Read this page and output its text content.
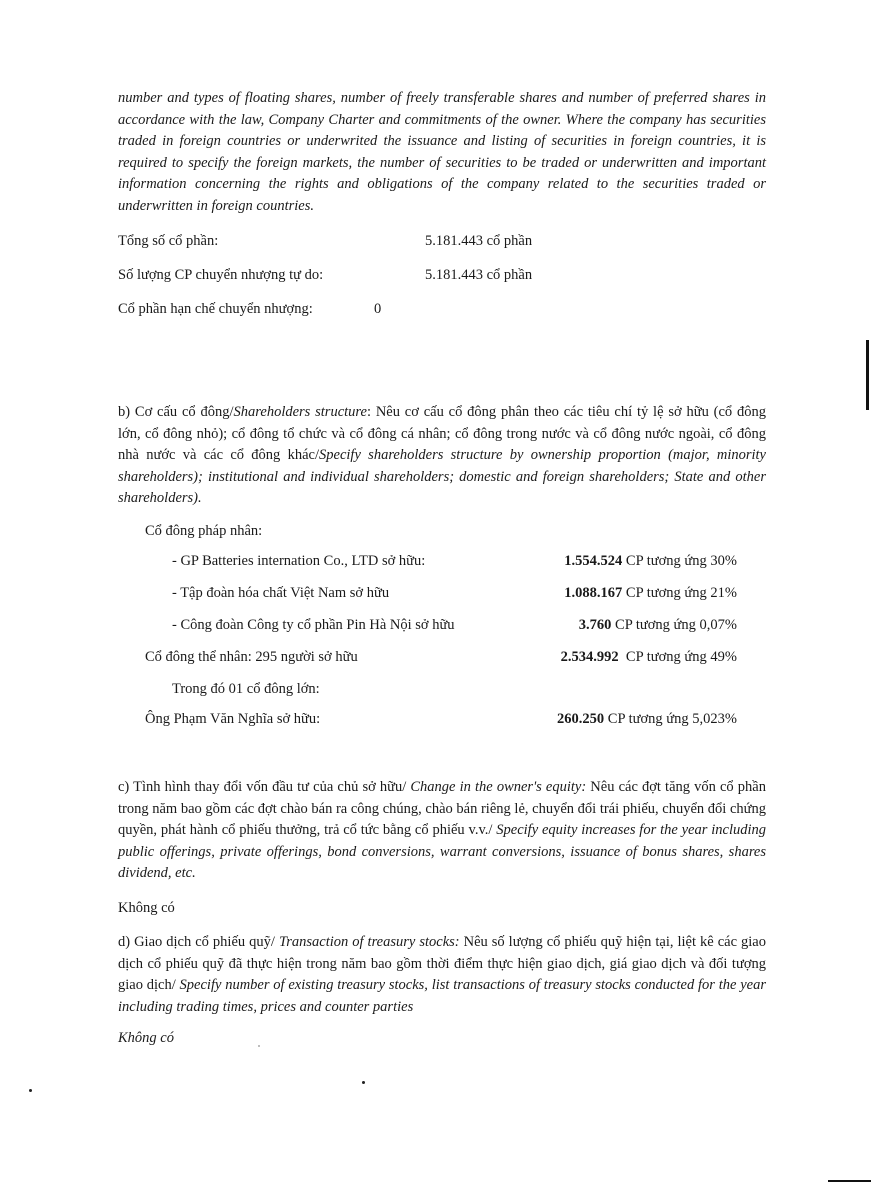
number and types of floating shares, number of freely transferable shares and number of preferred shares in accordance with the law, Company Charter and commitments of the owner. Where the company has securities traded in foreign countries or underwrited the issuance and listing of securities in foreign countries, it is required to specify the foreign markets, the number of securities to be traded or underwritten and important information concerning the rights and obligations of the company related to the securities traded or underwritten in foreign countries.

Tổng số cổ phần:	5.181.443 cổ phần
Số lượng CP chuyển nhượng tự do:	5.181.443 cổ phần
Cổ phần hạn chế chuyển nhượng:	0

b) Cơ cấu cổ đông/Shareholders structure: Nêu cơ cấu cổ đông phân theo các tiêu chí tỷ lệ sở hữu (cổ đông lớn, cổ đông nhỏ); cổ đông tổ chức và cổ đông cá nhân; cổ đông trong nước và cổ đông nước ngoài, cổ đông nhà nước và các cổ đông khác/Specify shareholders structure by ownership proportion (major, minority shareholders); institutional and individual shareholders; domestic and foreign shareholders; State and other shareholders).

Cổ đông pháp nhân:
- GP Batteries internation Co., LTD sở hữu:	1.554.524 CP tương ứng 30%
- Tập đoàn hóa chất Việt Nam sở hữu	1.088.167 CP tương ứng 21%
- Công đoàn Công ty cổ phần Pin Hà Nội sở hữu	3.760 CP tương ứng 0,07%
Cổ đông thể nhân: 295 người sở hữu	2.534.992  CP tương ứng 49%
Trong đó 01 cổ đông lớn:
Ông Phạm Văn Nghĩa sở hữu:	260.250 CP tương ứng 5,023%

c) Tình hình thay đổi vốn đầu tư của chủ sở hữu/ Change in the owner's equity: Nêu các đợt tăng vốn cổ phần trong năm bao gồm các đợt chào bán ra công chúng, chào bán riêng lẻ, chuyển đổi trái phiếu, chuyển đổi chứng quyền, phát hành cổ phiếu thưởng, trả cổ tức bằng cổ phiếu v.v./ Specify equity increases for the year including public offerings, private offerings, bond conversions, warrant conversions, issuance of bonus shares, shares dividend, etc.

Không có

d) Giao dịch cổ phiếu quỹ/ Transaction of treasury stocks: Nêu số lượng cổ phiếu quỹ hiện tại, liệt kê các giao dịch cổ phiếu quỹ đã thực hiện trong năm bao gồm thời điểm thực hiện giao dịch, giá giao dịch và đối tượng giao dịch/ Specify number of existing treasury stocks, list transactions of treasury stocks conducted for the year including trading times, prices and counter parties

Không có
